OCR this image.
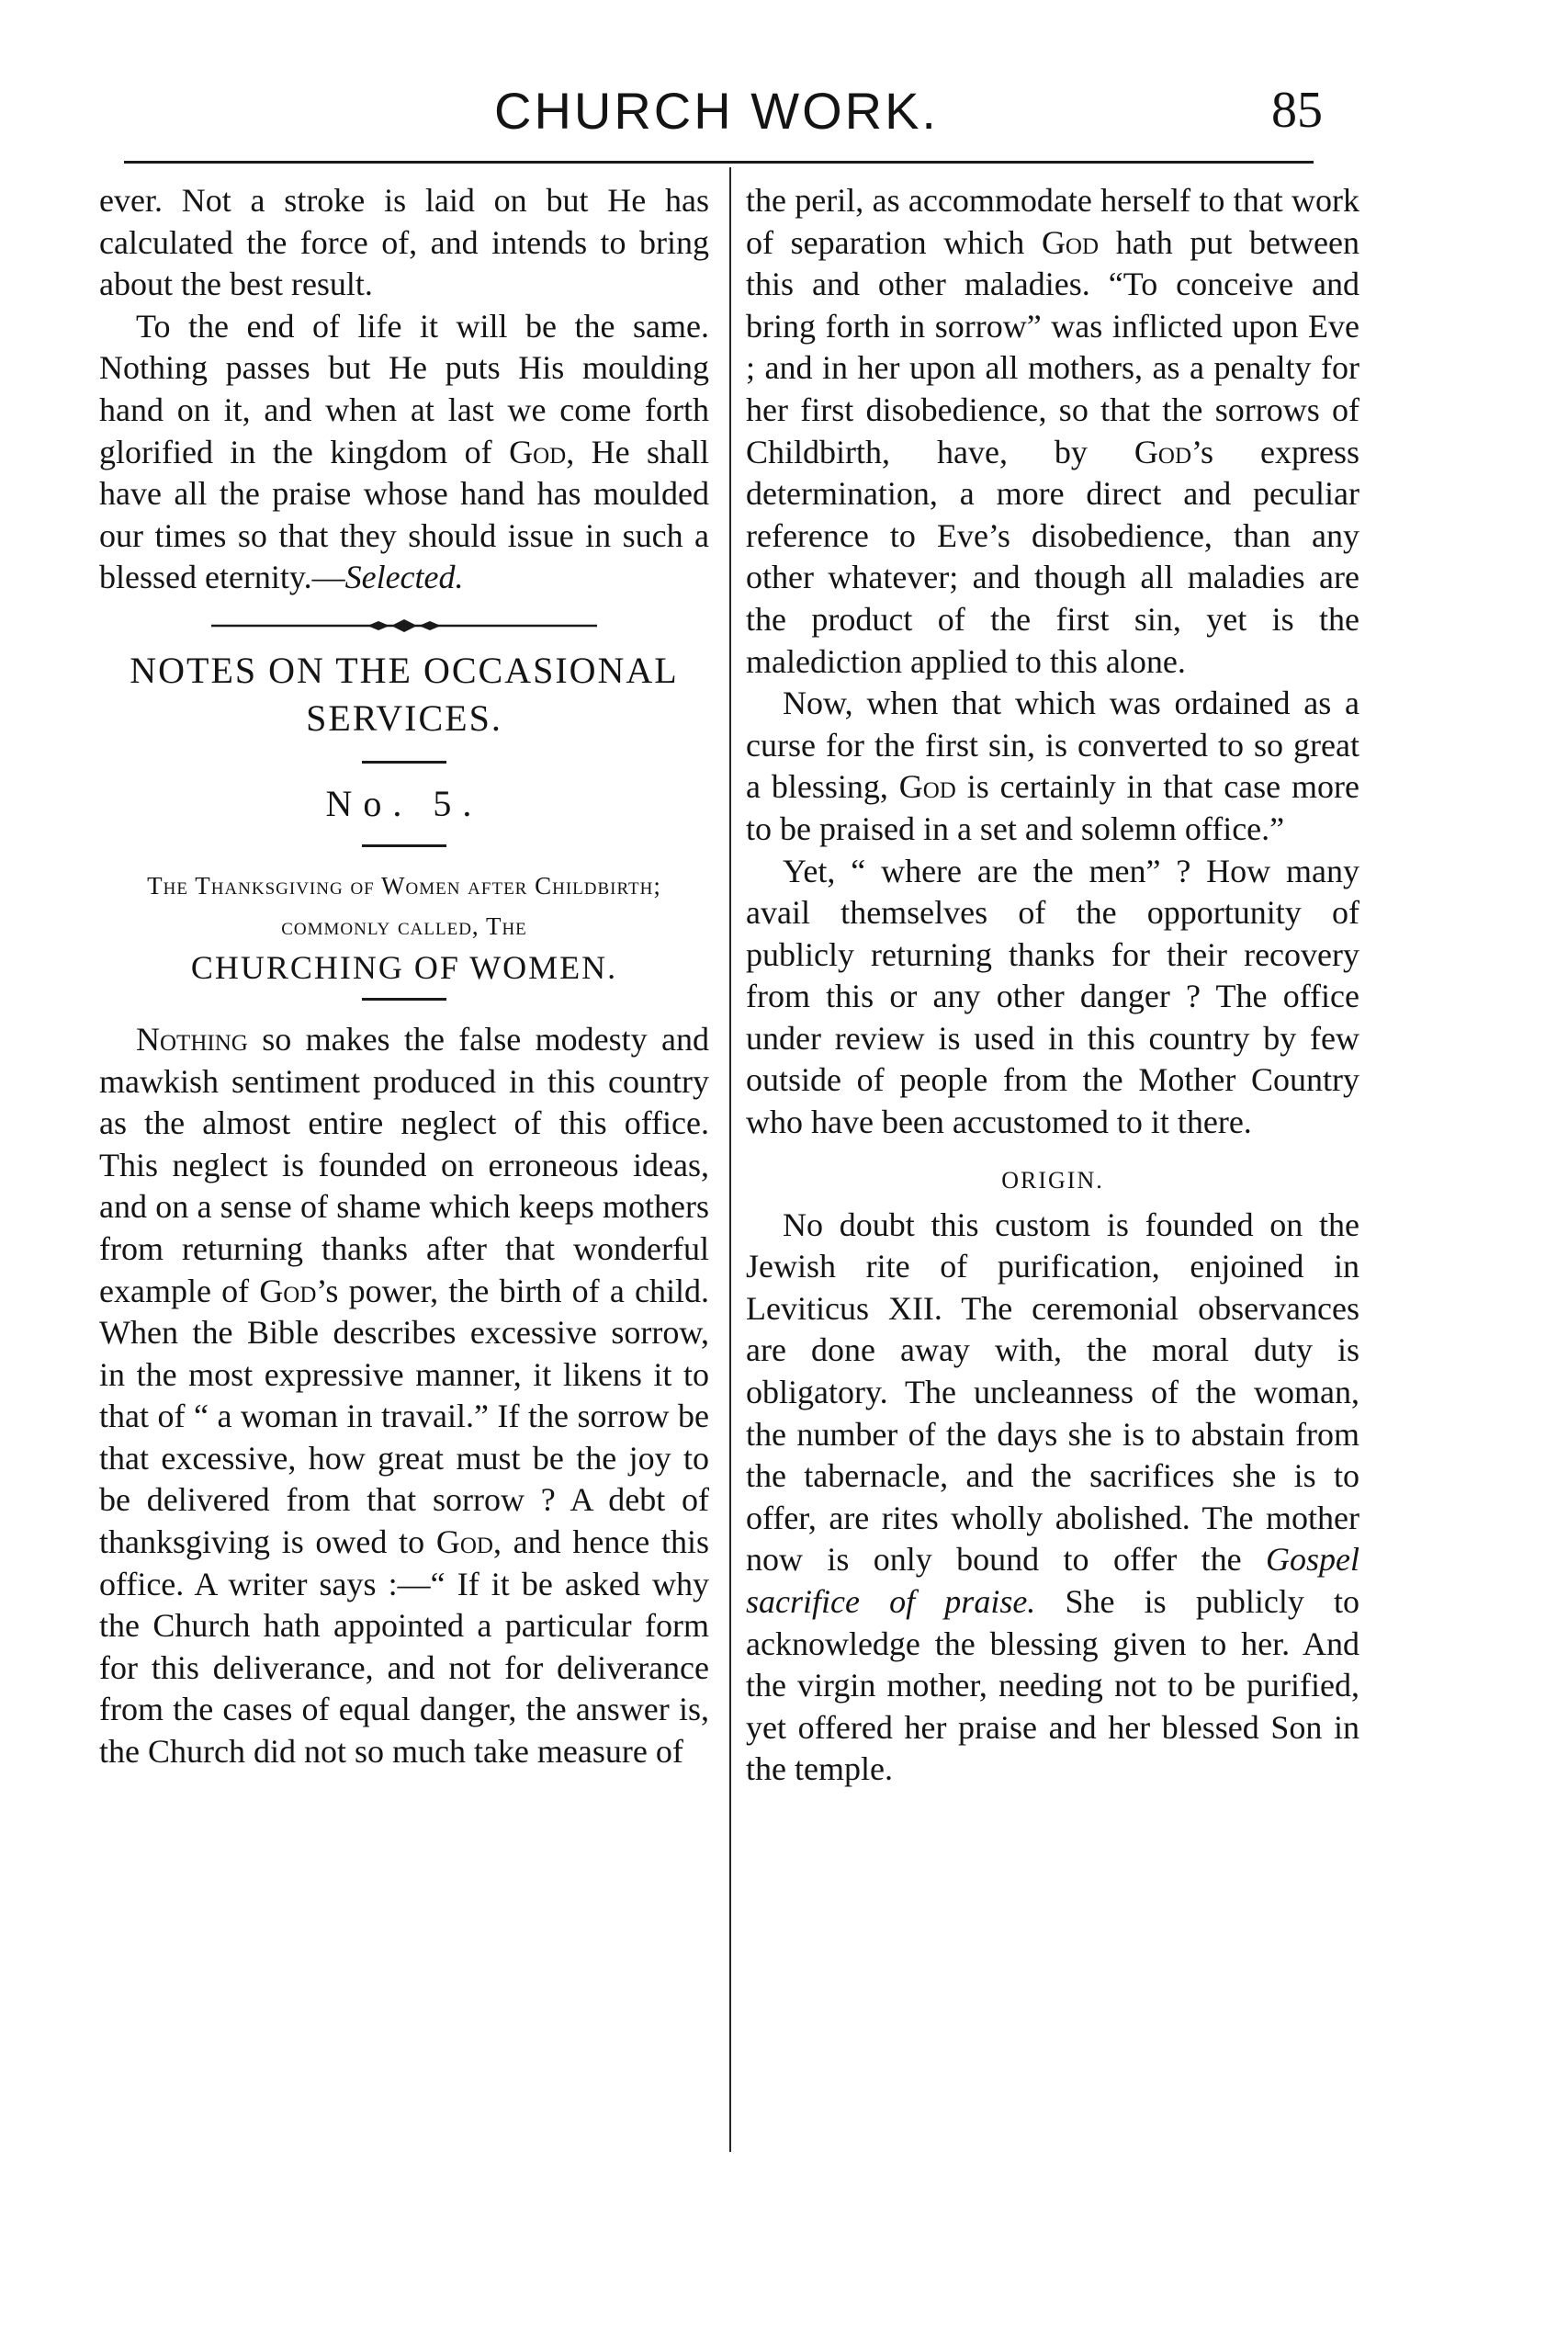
CHURCH WORK.	85

ever. Not a stroke is laid on but He has calculated the force of, and intends to bring about the best result.

To the end of life it will be the same. Nothing passes but He puts His moulding hand on it, and when at last we come forth glorified in the kingdom of God, He shall have all the praise whose hand has moulded our times so that they should issue in such a blessed eternity.—Selected.

NOTES ON THE OCCASIONAL SERVICES.
No. 5.
The Thanksgiving of Women after Childbirth; commonly called, The
CHURCHING OF WOMEN.

Nothing so makes the false modesty and mawkish sentiment produced in this country as the almost entire neglect of this office. This neglect is founded on erroneous ideas, and on a sense of shame which keeps mothers from returning thanks after that wonderful example of God’s power, the birth of a child. When the Bible describes excessive sorrow, in the most expressive manner, it likens it to that of “ a woman in travail.” If the sorrow be that excessive, how great must be the joy to be delivered from that sorrow ? A debt of thanksgiving is owed to God, and hence this office. A writer says :—“ If it be asked why the Church hath appointed a particular form for this deliverance, and not for deliverance from the cases of equal danger, the answer is, the Church did not so much take measure of

the peril, as accommodate herself to that work of separation which God hath put between this and other maladies. “To conceive and bring forth in sorrow” was inflicted upon Eve ; and in her upon all mothers, as a penalty for her first disobedience, so that the sorrows of Childbirth, have, by God’s express determination, a more direct and peculiar reference to Eve’s disobedience, than any other whatever; and though all maladies are the product of the first sin, yet is the malediction applied to this alone.

Now, when that which was ordained as a curse for the first sin, is converted to so great a blessing, God is certainly in that case more to be praised in a set and solemn office.”

Yet, “ where are the men” ? How many avail themselves of the opportunity of publicly returning thanks for their recovery from this or any other danger ? The office under review is used in this country by few outside of people from the Mother Country who have been accustomed to it there.

ORIGIN.

No doubt this custom is founded on the Jewish rite of purification, enjoined in Leviticus XII. The ceremonial observances are done away with, the moral duty is obligatory. The uncleanness of the woman, the number of the days she is to abstain from the tabernacle, and the sacrifices she is to offer, are rites wholly abolished. The mother now is only bound to offer the Gospel sacrifice of praise. She is publicly to acknowledge the blessing given to her. And the virgin mother, needing not to be purified, yet offered her praise and her blessed Son in the temple.
